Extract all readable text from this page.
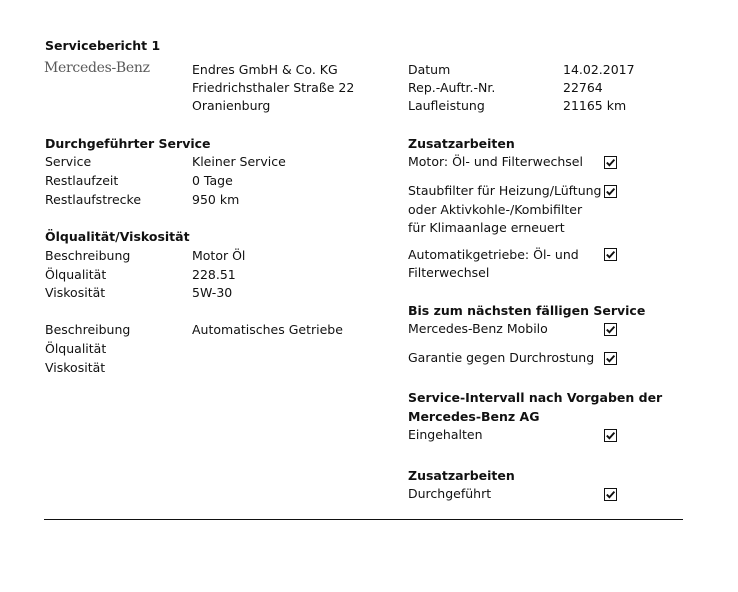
Servicebericht 1
Mercedes-Benz	Endres GmbH & Co. KG
Friedrichsthaler Straße 22
Oranienburg
Datum	14.02.2017
Rep.-Auftr.-Nr.	22764
Laufleistung	21165 km
Durchgeführter Service
Service	Kleiner Service
Restlaufzeit	0 Tage
Restlaufstrecke	950 km
Ölqualität/Viskosität
Beschreibung	Motor Öl
Ölqualität	228.51
Viskosität	5W-30
Beschreibung	Automatisches Getriebe
Ölqualität
Viskosität
Zusatzarbeiten
Motor: Öl- und Filterwechsel
Staubfilter für Heizung/Lüftung
oder Aktivkohle-/Kombifilter
für Klimaanlage erneuert
Automatikgetriebe: Öl- und
Filterwechsel
Bis zum nächsten fälligen Service
Mercedes-Benz Mobilo
Garantie gegen Durchrostung
Service-Intervall nach Vorgaben der
Mercedes-Benz AG
Eingehalten
Zusatzarbeiten
Durchgeführt
